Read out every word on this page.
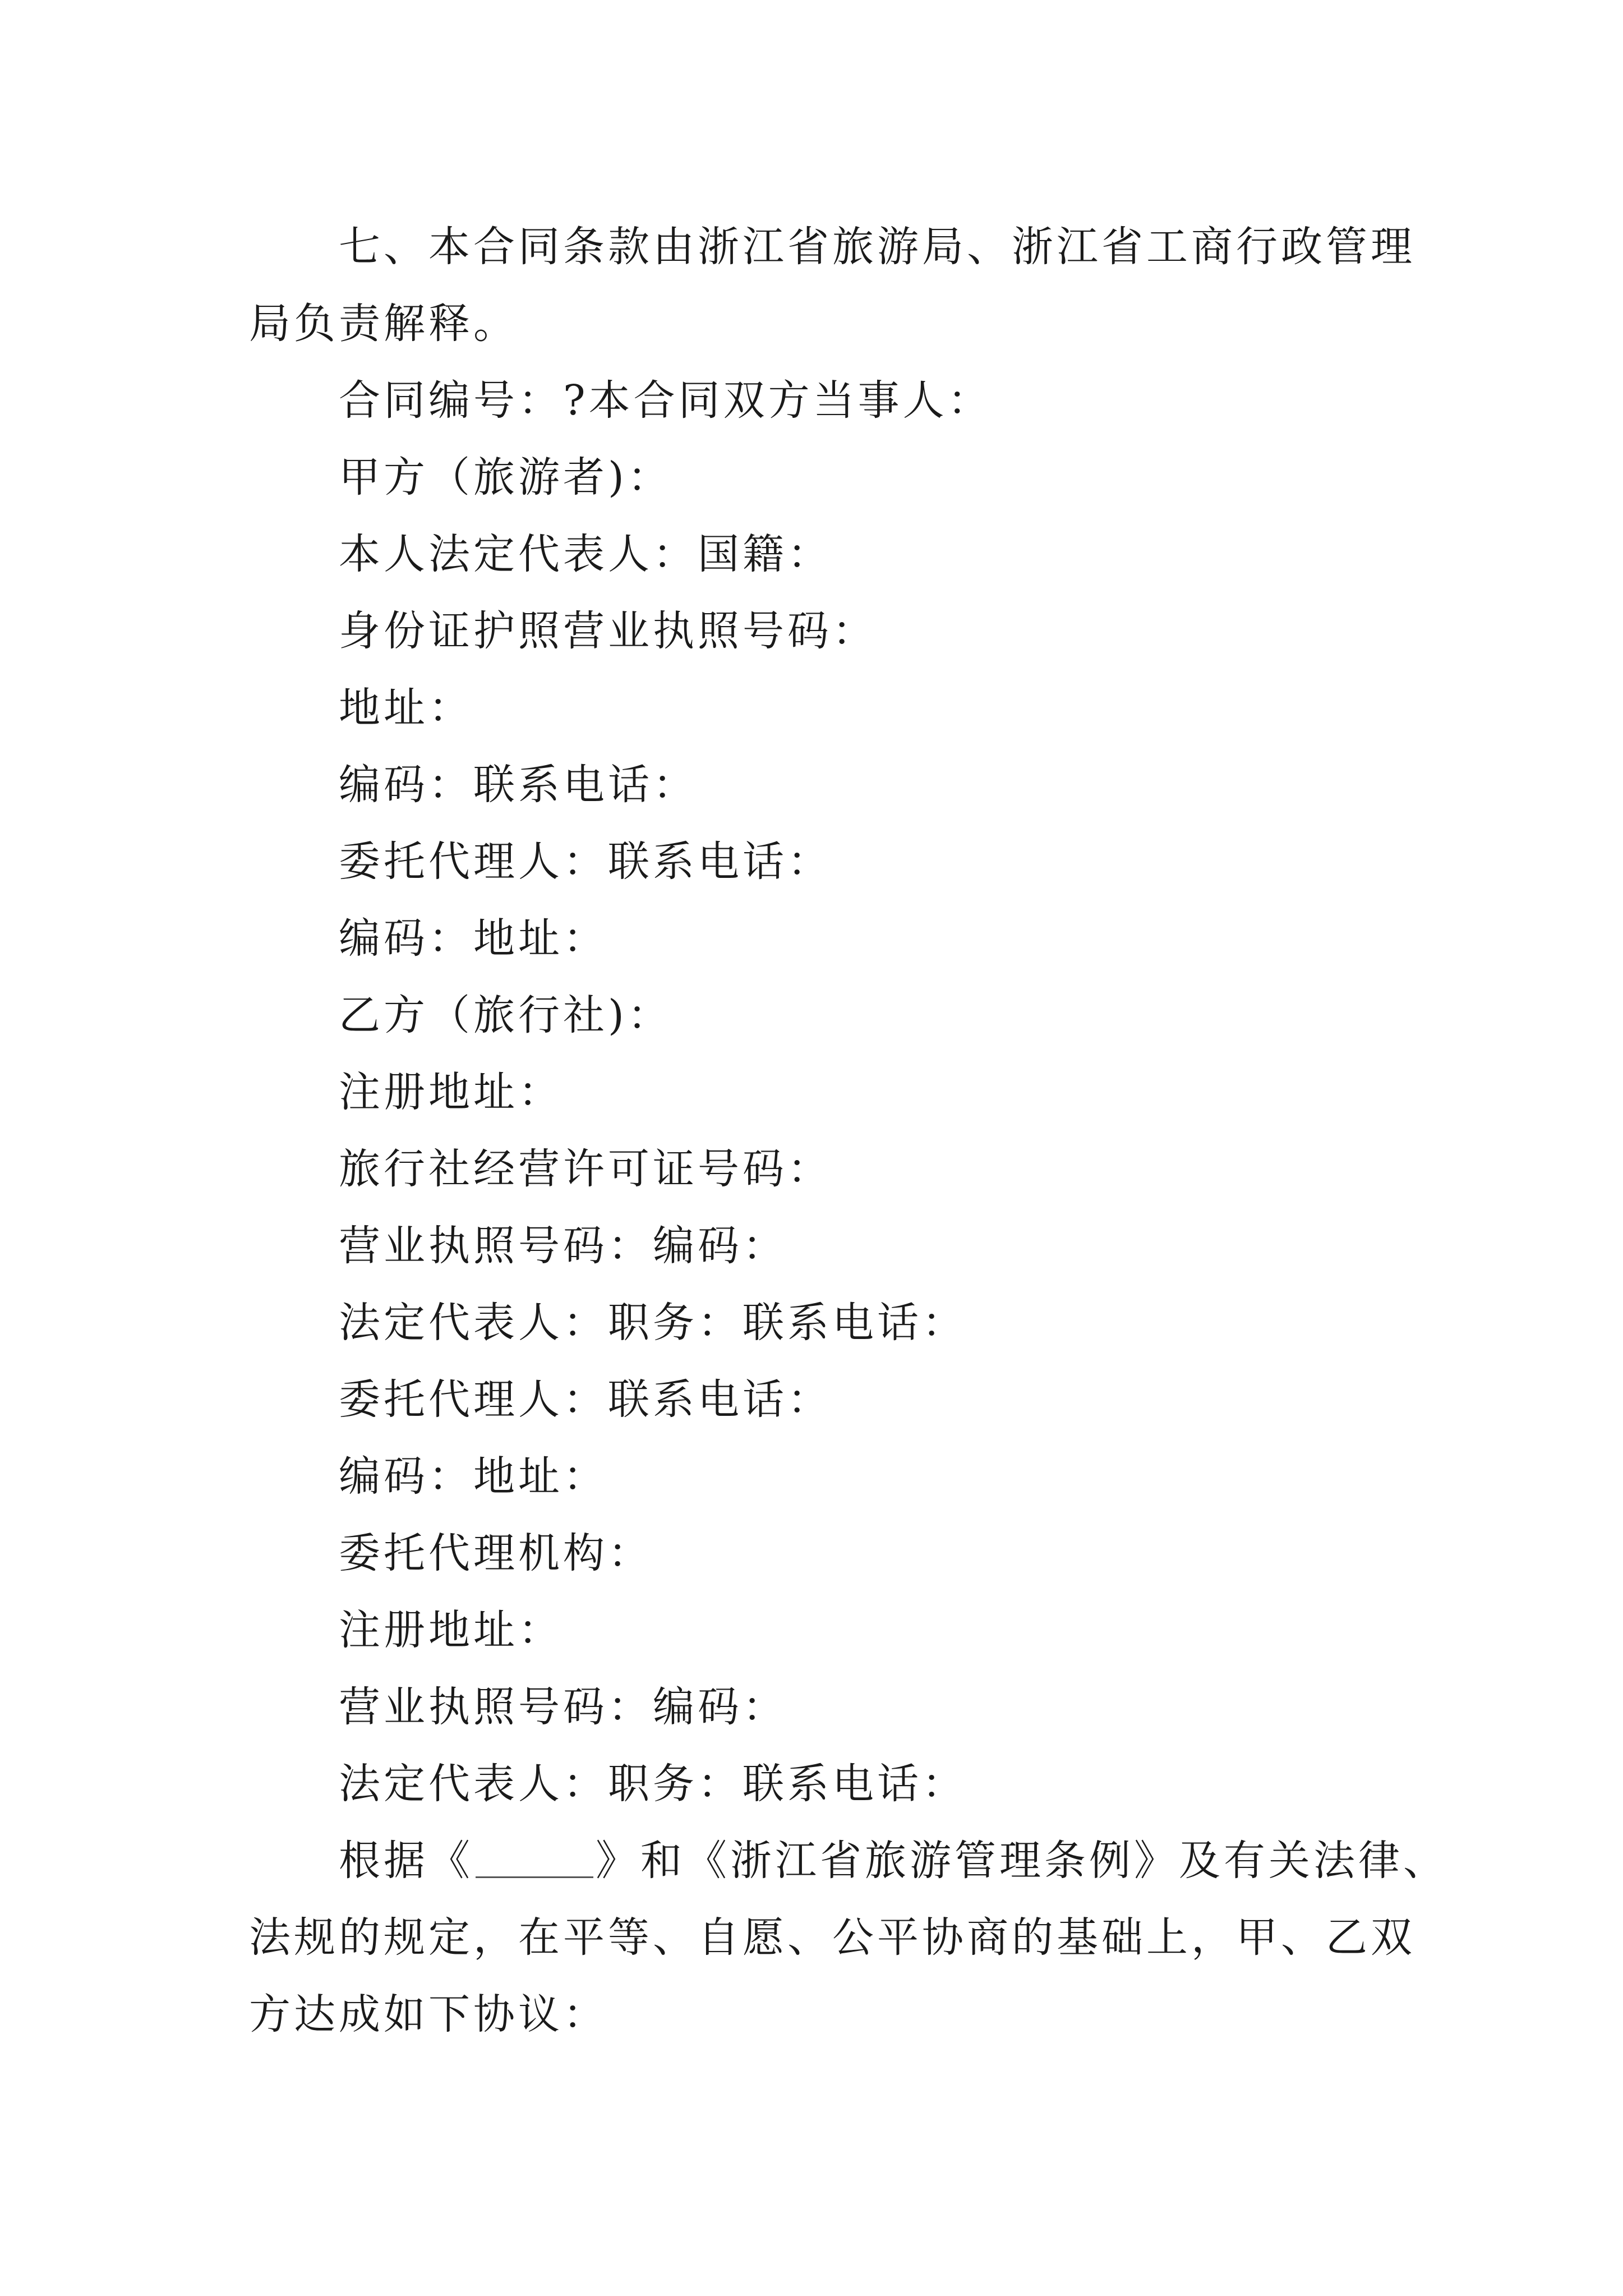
七、本合同条款由浙江省旅游局、浙江省工商行政管理
局负责解释。
合同编号：?本合同双方当事人：
甲方（旅游者)：
本人法定代表人：国籍：
身份证护照营业执照号码：
地址：
编码：联系电话：
委托代理人：联系电话：
编码：地址：
乙方（旅行社)：
注册地址：
旅行社经营许可证号码：
营业执照号码：编码：
法定代表人：职务：联系电话：
委托代理人：联系电话：
编码：地址：
委托代理机构：
注册地址：
营业执照号码：编码：
法定代表人：职务：联系电话：
根据《	》和《浙江省旅游管理条例》及有关法律、
法规的规定，在平等、自愿、公平协商的基础上，甲、乙双
方达成如下协议：
